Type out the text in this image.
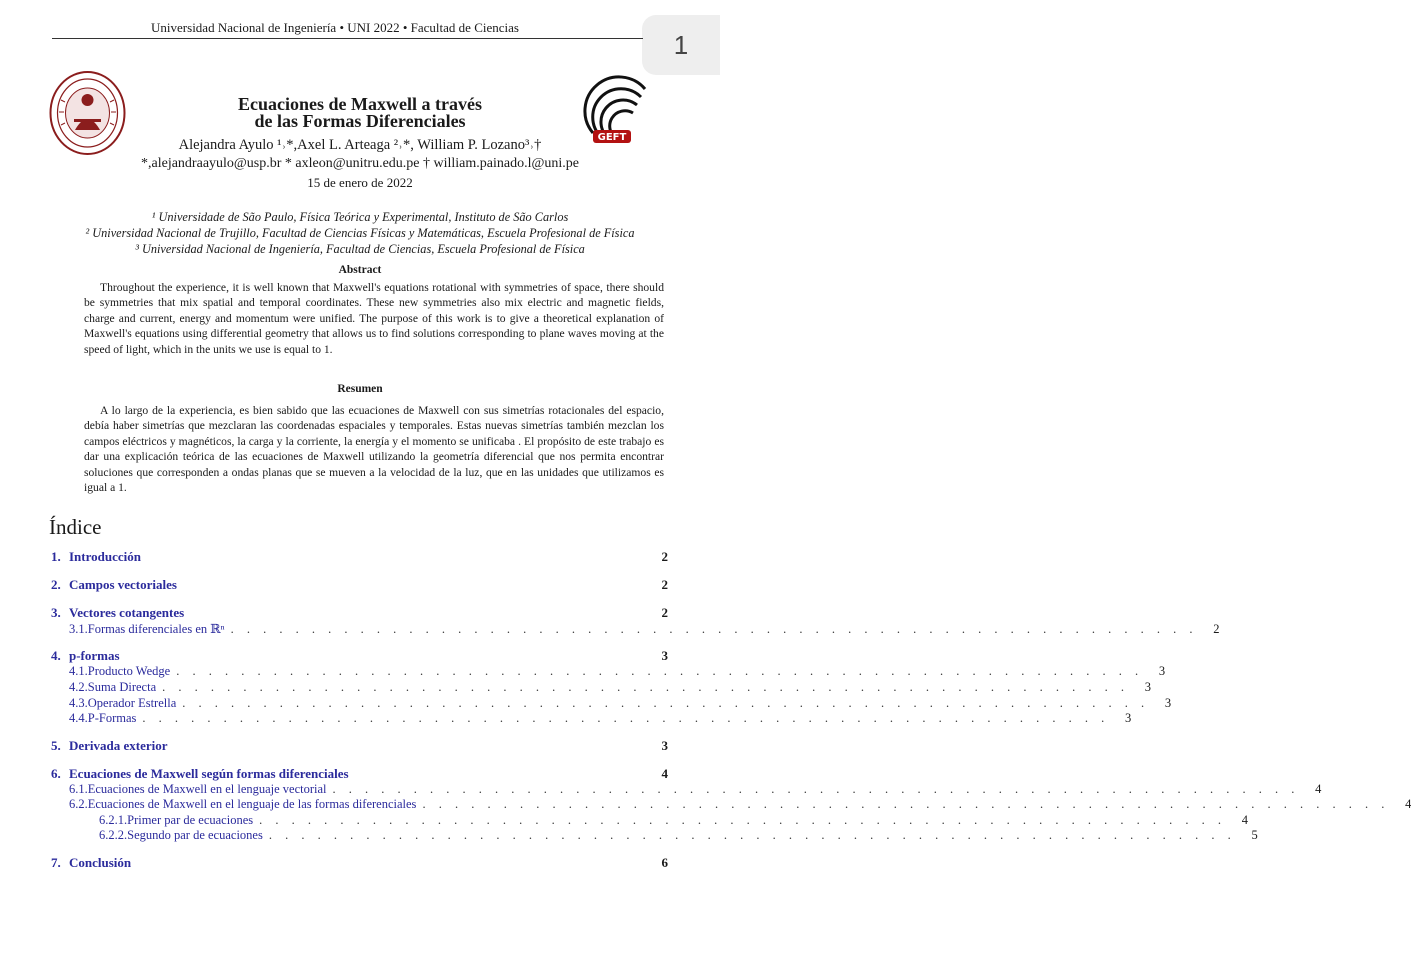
1
Universidad Nacional de Ingeniería • UNI 2022 • Facultad de Ciencias
GEFT
Ecuaciones de Maxwell a través
de las Formas Diferenciales
Alejandra Ayulo ¹˒*,Axel L. Arteaga ²˒*, William P. Lozano³˒†
*,alejandraayulo@usp.br * axleon@unitru.edu.pe † william.painado.l@uni.pe
15 de enero de 2022
¹ Universidade de São Paulo, Física Teórica y Experimental, Instituto de São Carlos
² Universidad Nacional de Trujillo, Facultad de Ciencias Físicas y Matemáticas, Escuela Profesional de Física
³ Universidad Nacional de Ingeniería, Facultad de Ciencias, Escuela Profesional de Física
Abstract

Throughout the experience, it is well known that Maxwell's equations rotational with symmetries of space, there should be symmetries that mix spatial and temporal coordinates. These new symmetries also mix electric and magnetic fields, charge and current, energy and momentum were unified. The purpose of this work is to give a theoretical explanation of Maxwell's equations using differential geometry that allows us to find solutions corresponding to plane waves moving at the speed of light, which in the units we use is equal to 1.

Resumen

A lo largo de la experiencia, es bien sabido que las ecuaciones de Maxwell con sus simetrías rotacionales del espacio, debía haber simetrías que mezclaran las coordenadas espaciales y temporales. Estas nuevas simetrías también mezclan los campos eléctricos y magnéticos, la carga y la corriente, la energía y el momento se unificaba . El propósito de este trabajo es dar una explicación teórica de las ecuaciones de Maxwell utilizando la geometría diferencial que nos permita encontrar soluciones que corresponden a ondas planas que se mueven a la velocidad de la luz, que en las unidades que utilizamos es igual a 1.

Índice
1. Introducción	2
2. Campos vectoriales	2
3. Vectores cotangentes	2
3.1. Formas diferenciales en ℝⁿ . . . . . . . . . . . . . . . . . . . . . . . . . . . . . . . . . . . . . . . . . . . . . . . . . . . . . . . . . . . .	2
4. p-formas	3
4.1. Producto Wedge . . . . . . . . . . . . . . . . . . . . . . . . . . . . . . . . . . . . . . . . . . . . . . . . . . . . . . . . . . . .	3
4.2. Suma Directa . . . . . . . . . . . . . . . . . . . . . . . . . . . . . . . . . . . . . . . . . . . . . . . . . . . . . . . . . . . .	3
4.3. Operador Estrella . . . . . . . . . . . . . . . . . . . . . . . . . . . . . . . . . . . . . . . . . . . . . . . . . . . . . . . . . . . .	3
4.4. P-Formas . . . . . . . . . . . . . . . . . . . . . . . . . . . . . . . . . . . . . . . . . . . . . . . . . . . . . . . . . . . .	3
5. Derivada exterior	3
6. Ecuaciones de Maxwell según formas diferenciales	4
6.1. Ecuaciones de Maxwell en el lenguaje vectorial . . . . . . . . . . . . . . . . . . . . . . . . . . . . . . . . . . . . . . . . . . . . . . . . . . . . . . . . . . . .	4
6.2. Ecuaciones de Maxwell en el lenguaje de las formas diferenciales . . . . . . . . . . . . . . . . . . . . . . . . . . . . . . . . . . . . . . . . . . . . . . . . . . . . . . . . . . . .	4
6.2.1. Primer par de ecuaciones . . . . . . . . . . . . . . . . . . . . . . . . . . . . . . . . . . . . . . . . . . . . . . . . . . . . . . . . . . . .	4
6.2.2. Segundo par de ecuaciones . . . . . . . . . . . . . . . . . . . . . . . . . . . . . . . . . . . . . . . . . . . . . . . . . . . . . . . . . . . .	5
7. Conclusión	6
